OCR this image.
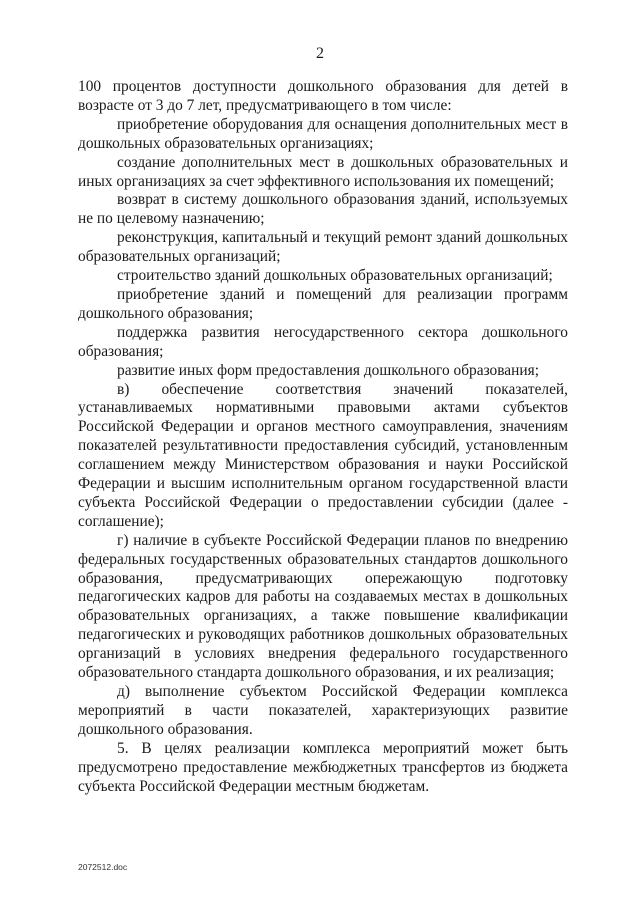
2

100 процентов доступности дошкольного образования для детей в возрасте от 3 до 7 лет, предусматривающего в том числе:

приобретение оборудования для оснащения дополнительных мест в дошкольных образовательных организациях;

создание дополнительных мест в дошкольных образовательных и иных организациях за счет эффективного использования их помещений;

возврат в систему дошкольного образования зданий, используемых не по целевому назначению;

реконструкция, капитальный и текущий ремонт зданий дошкольных образовательных организаций;

строительство зданий дошкольных образовательных организаций;

приобретение зданий и помещений для реализации программ дошкольного образования;

поддержка развития негосударственного сектора дошкольного образования;

развитие иных форм предоставления дошкольного образования;

в) обеспечение соответствия значений показателей, устанавливаемых нормативными правовыми актами субъектов Российской Федерации и органов местного самоуправления, значениям показателей результативности предоставления субсидий, установленным соглашением между Министерством образования и науки Российской Федерации и высшим исполнительным органом государственной власти субъекта Российской Федерации о предоставлении субсидии (далее - соглашение);

г) наличие в субъекте Российской Федерации планов по внедрению федеральных государственных образовательных стандартов дошкольного образования, предусматривающих опережающую подготовку педагогических кадров для работы на создаваемых местах в дошкольных образовательных организациях, а также повышение квалификации педагогических и руководящих работников дошкольных образовательных организаций в условиях внедрения федерального государственного образовательного стандарта дошкольного образования, и их реализация;

д) выполнение субъектом Российской Федерации комплекса мероприятий в части показателей, характеризующих развитие дошкольного образования.

5. В целях реализации комплекса мероприятий может быть предусмотрено предоставление межбюджетных трансфертов из бюджета субъекта Российской Федерации местным бюджетам.

2072512.doc
